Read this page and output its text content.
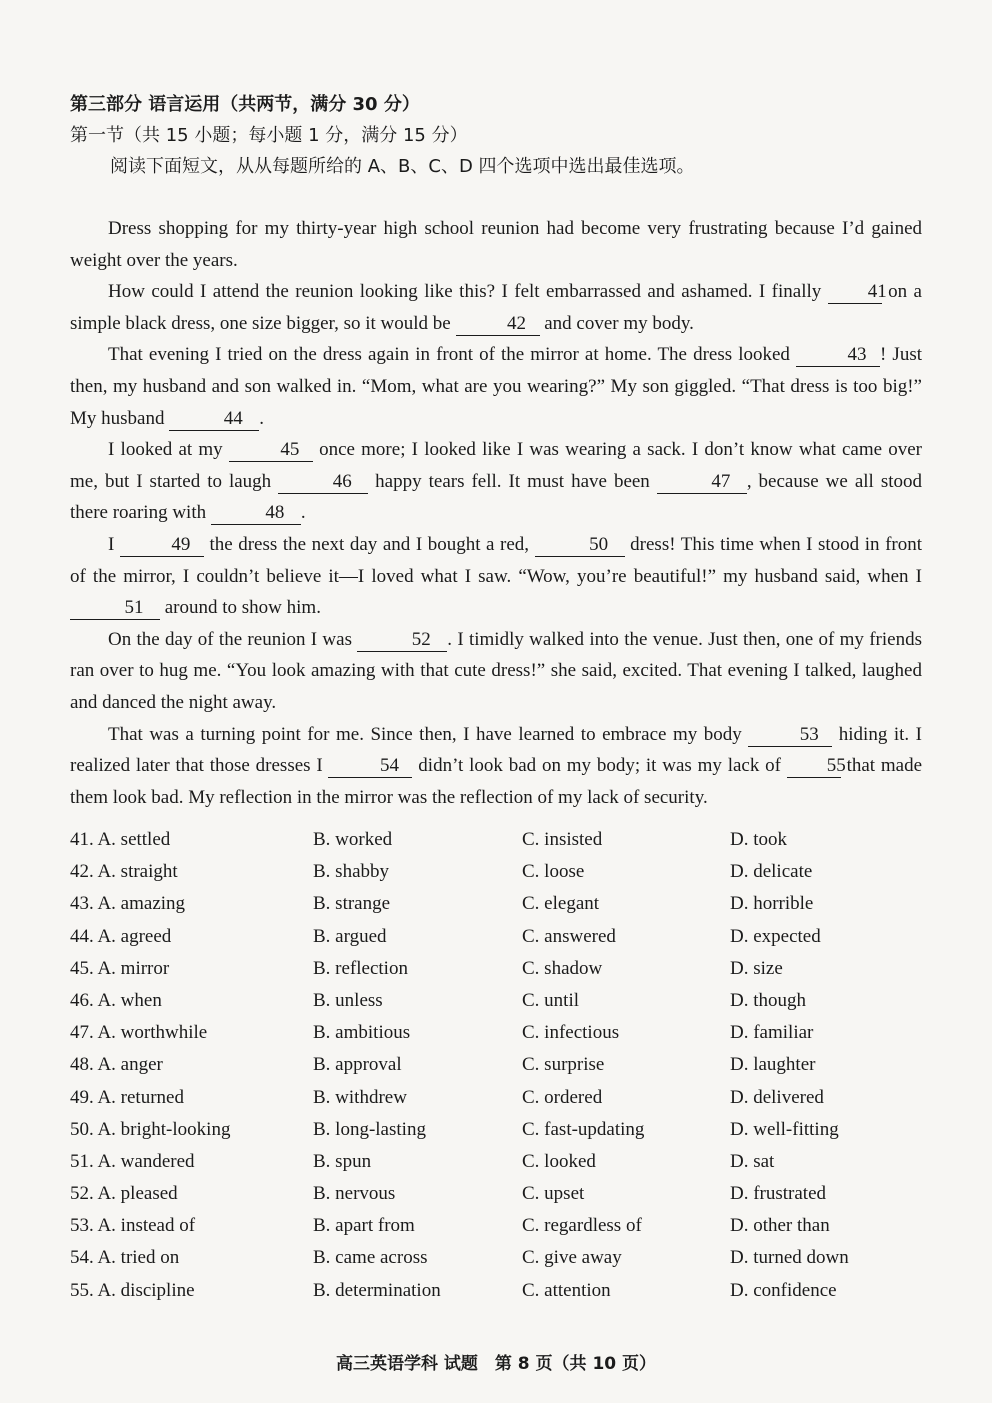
第三部分 语言运用（共两节，满分 30 分）
第一节（共 15 小题；每小题 1 分，满分 15 分）
阅读下面短文，从从每题所给的 A、B、C、D 四个选项中选出最佳选项。

Dress shopping for my thirty-year high school reunion had become very frustrating because I’d gained weight over the years.

How could I attend the reunion looking like this? I felt embarrassed and ashamed. I finally 41 on a simple black dress, one size bigger, so it would be	42 and cover my body.

That evening I tried on the dress again in front of the mirror at home. The dress looked	43 ! Just then, my husband and son walked in. “Mom, what are you wearing?” My son giggled. “That dress is too big!” My husband	44 .

I looked at my	45 once more; I looked like I was wearing a sack. I don’t know what came over me, but I started to laugh	46 happy tears fell. It must have been	47 , because we all stood there roaring with	48 .

I	49 the dress the next day and I bought a red,	50 dress! This time when I stood in front of the mirror, I couldn’t believe it—I loved what I saw. “Wow, you’re beautiful!” my husband said, when I 51 around to show him.

On the day of the reunion I was	52 . I timidly walked into the venue. Just then, one of my friends ran over to hug me. “You look amazing with that cute dress!” she said, excited. That evening I talked, laughed and danced the night away.

That was a turning point for me. Since then, I have learned to embrace my body	53 hiding it. I realized later that those dresses I	54 didn’t look bad on my body; it was my lack of 55 that made them look bad. My reflection in the mirror was the reflection of my lack of security.

41. A. settled	B. worked	C. insisted	D. took
42. A. straight	B. shabby	C. loose	D. delicate
43. A. amazing	B. strange	C. elegant	D. horrible
44. A. agreed	B. argued	C. answered	D. expected
45. A. mirror	B. reflection	C. shadow	D. size
46. A. when	B. unless	C. until	D. though
47. A. worthwhile	B. ambitious	C. infectious	D. familiar
48. A. anger	B. approval	C. surprise	D. laughter
49. A. returned	B. withdrew	C. ordered	D. delivered
50. A. bright-looking	B. long-lasting	C. fast-updating	D. well-fitting
51. A. wandered	B. spun	C. looked	D. sat
52. A. pleased	B. nervous	C. upset	D. frustrated
53. A. instead of	B. apart from	C. regardless of	D. other than
54. A. tried on	B. came across	C. give away	D. turned down
55. A. discipline	B. determination	C. attention	D. confidence
高三英语学科 试题　第 8 页（共 10 页）
